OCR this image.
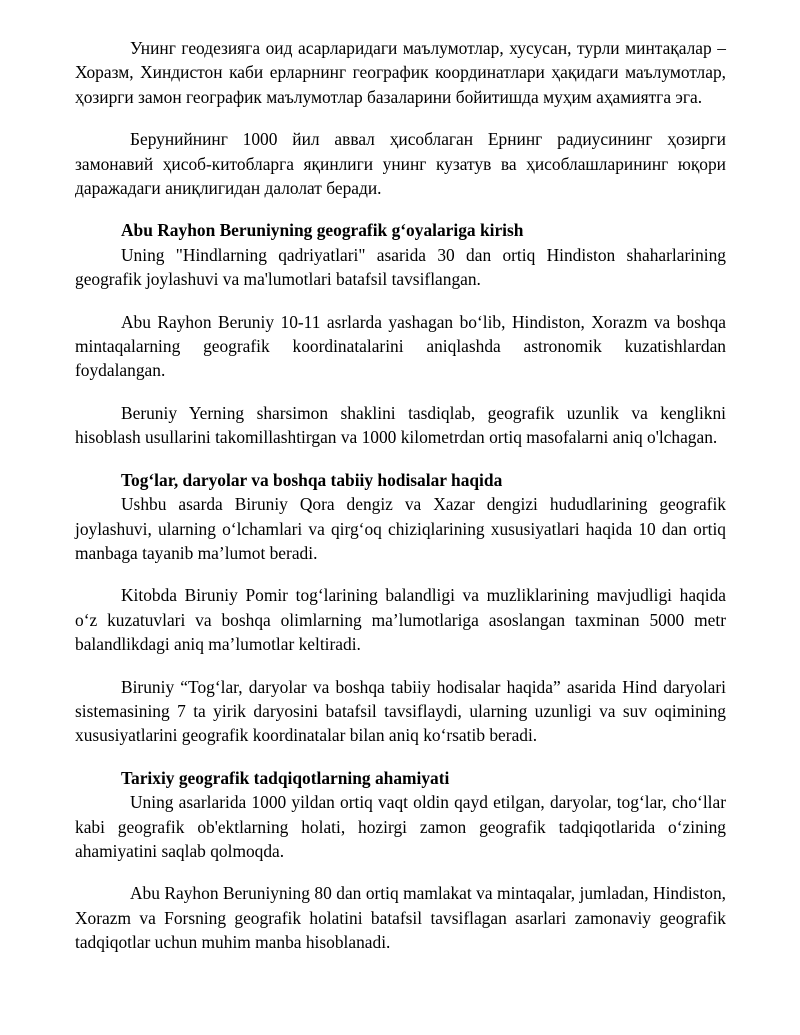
Унинг геодезияга оид асарларидаги маълумотлар, хусусан, турли минтақалар – Хоразм, Хиндистон каби ерларнинг географик координатлари ҳақидаги маълумотлар, ҳозирги замон географик маълумотлар базаларини бойитишда муҳим аҳамиятга эга.

Берунийнинг 1000 йил аввал ҳисоблаган Ернинг радиусининг ҳозирги замонавий ҳисоб-китобларга яқинлиги унинг кузатув ва ҳисоблашларининг юқори даражадаги аниқлигидан далолат беради.

Abu Rayhon Beruniyning geografik g‘oyalariga kirish

Uning "Hindlarning qadriyatlari" asarida 30 dan ortiq Hindiston shaharlarining geografik joylashuvi va ma'lumotlari batafsil tavsiflangan.

Abu Rayhon Beruniy 10-11 asrlarda yashagan bo‘lib, Hindiston, Xorazm va boshqa mintaqalarning geografik koordinatalarini aniqlashda astronomik kuzatishlardan foydalangan.

Beruniy Yerning sharsimon shaklini tasdiqlab, geografik uzunlik va kenglikni hisoblash usullarini takomillashtirgan va 1000 kilometrdan ortiq masofalarni aniq o'lchagan.

Tog‘lar, daryolar va boshqa tabiiy hodisalar haqida

Ushbu asarda Biruniy Qora dengiz va Xazar dengizi hududlarining geografik joylashuvi, ularning o‘lchamlari va qirg‘oq chiziqlarining xususiyatlari haqida 10 dan ortiq manbaga tayanib ma’lumot beradi.

Kitobda Biruniy Pomir tog‘larining balandligi va muzliklarining mavjudligi haqida o‘z kuzatuvlari va boshqa olimlarning ma’lumotlariga asoslangan taxminan 5000 metr balandlikdagi aniq ma’lumotlar keltiradi.

Biruniy “Tog‘lar, daryolar va boshqa tabiiy hodisalar haqida” asarida Hind daryolari sistemasining 7 ta yirik daryosini batafsil tavsiflaydi, ularning uzunligi va suv oqimining xususiyatlarini geografik koordinatalar bilan aniq ko‘rsatib beradi.

Tarixiy geografik tadqiqotlarning ahamiyati

Uning asarlarida 1000 yildan ortiq vaqt oldin qayd etilgan, daryolar, tog‘lar, cho‘llar kabi geografik ob'ektlarning holati, hozirgi zamon geografik tadqiqotlarida o‘zining ahamiyatini saqlab qolmoqda.

Abu Rayhon Beruniyning 80 dan ortiq mamlakat va mintaqalar, jumladan, Hindiston, Xorazm va Forsning geografik holatini batafsil tavsiflagan asarlari zamonaviy geografik tadqiqotlar uchun muhim manba hisoblanadi.
